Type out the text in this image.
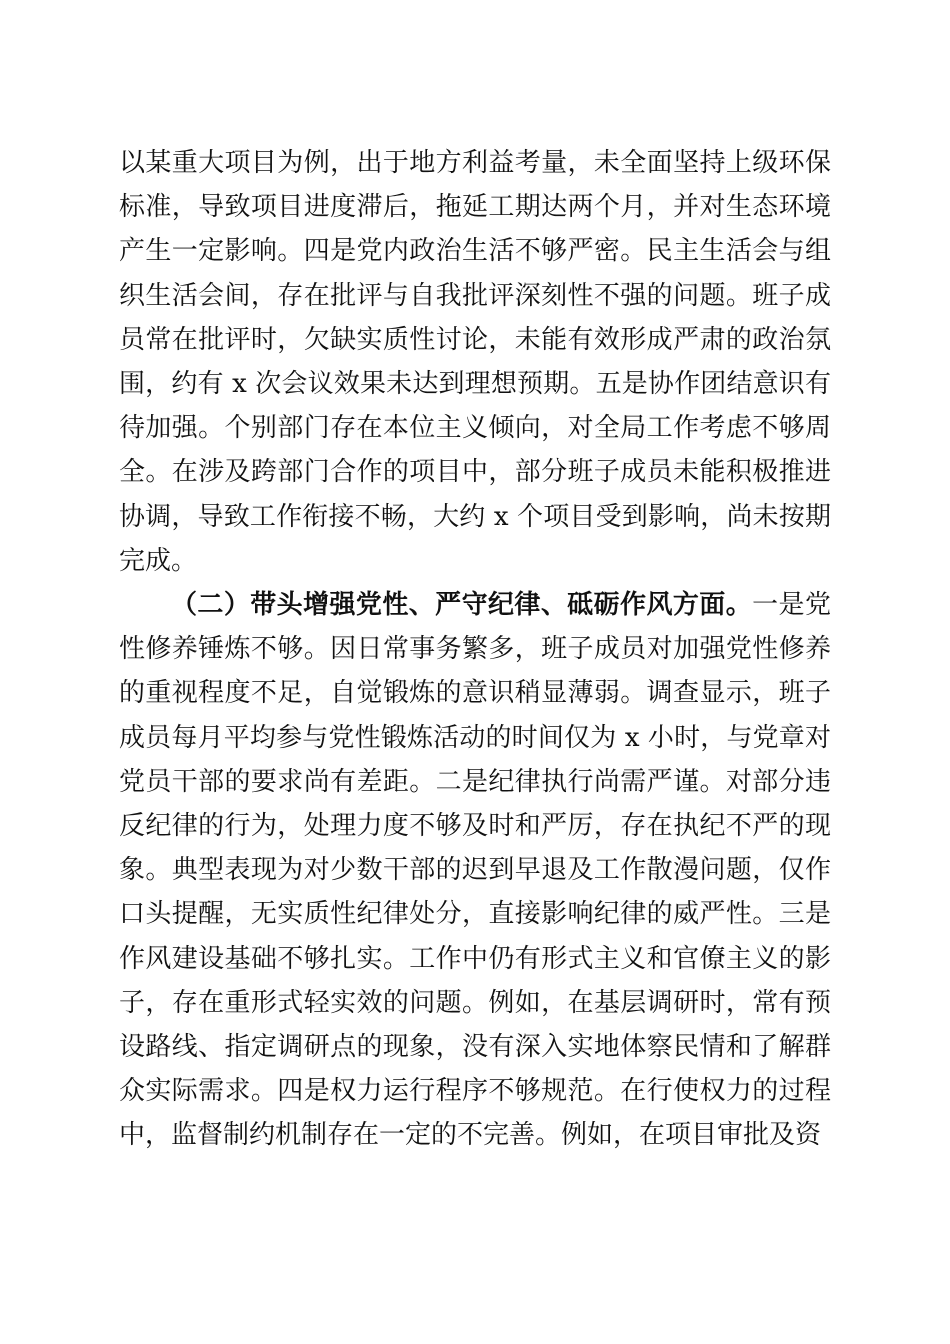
以某重大项目为例，出于地方利益考量，未全面坚持上级环保标准，导致项目进度滞后，拖延工期达两个月，并对生态环境产生一定影响。四是党内政治生活不够严密。民主生活会与组织生活会间，存在批评与自我批评深刻性不强的问题。班子成员常在批评时，欠缺实质性讨论，未能有效形成严肃的政治氛围，约有 x 次会议效果未达到理想预期。五是协作团结意识有待加强。个别部门存在本位主义倾向，对全局工作考虑不够周全。在涉及跨部门合作的项目中，部分班子成员未能积极推进协调，导致工作衔接不畅，大约 x 个项目受到影响，尚未按期完成。

（二）带头增强党性、严守纪律、砥砺作风方面。一是党性修养锤炼不够。因日常事务繁多，班子成员对加强党性修养的重视程度不足，自觉锻炼的意识稍显薄弱。调查显示，班子成员每月平均参与党性锻炼活动的时间仅为 x 小时，与党章对党员干部的要求尚有差距。二是纪律执行尚需严谨。对部分违反纪律的行为，处理力度不够及时和严厉，存在执纪不严的现象。典型表现为对少数干部的迟到早退及工作散漫问题，仅作口头提醒，无实质性纪律处分，直接影响纪律的威严性。三是作风建设基础不够扎实。工作中仍有形式主义和官僚主义的影子，存在重形式轻实效的问题。例如，在基层调研时，常有预设路线、指定调研点的现象，没有深入实地体察民情和了解群众实际需求。四是权力运行程序不够规范。在行使权力的过程中，监督制约机制存在一定的不完善。例如，在项目审批及资
